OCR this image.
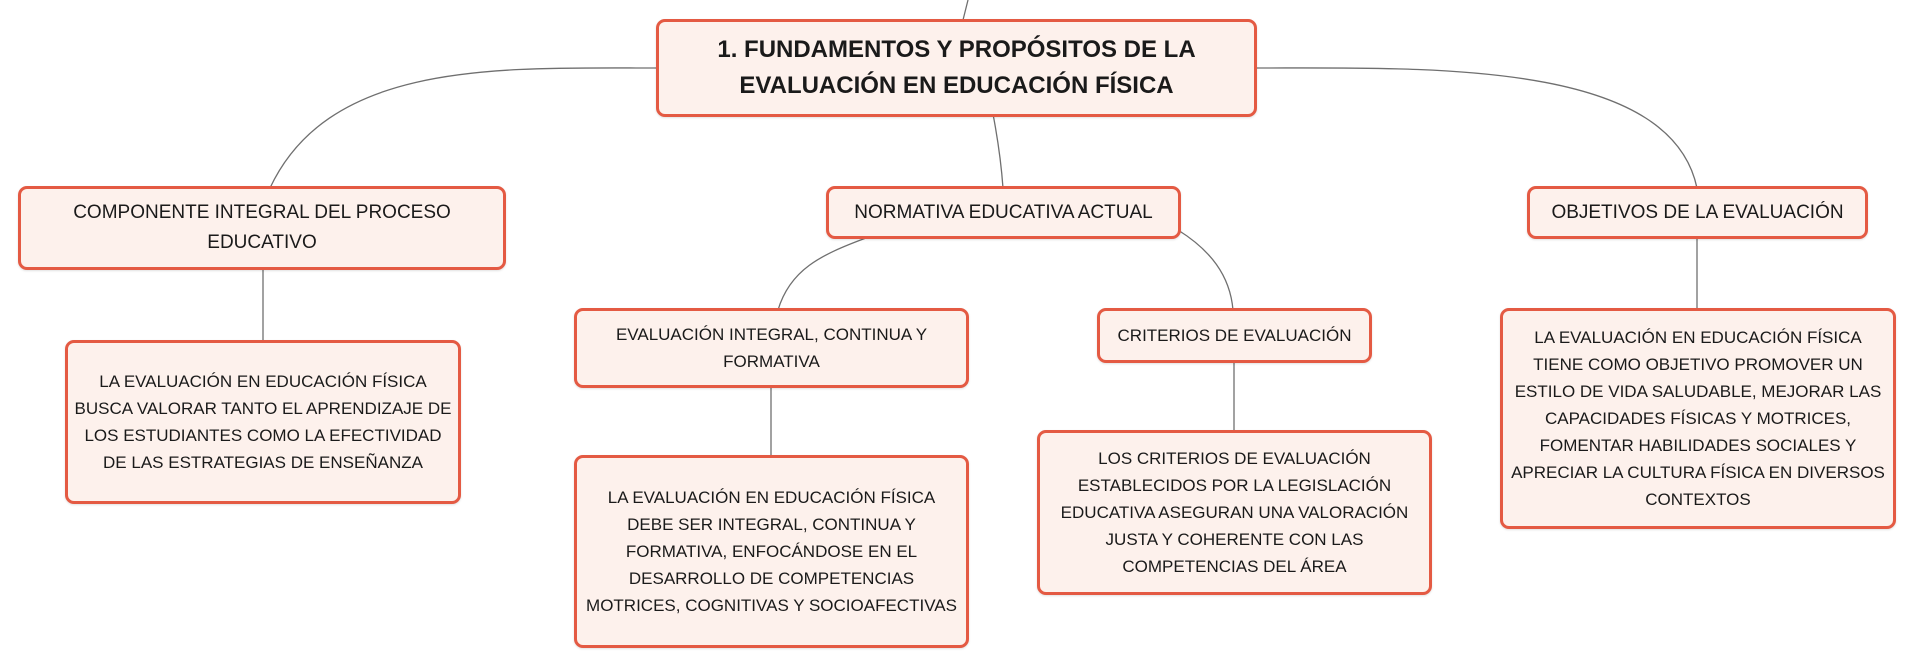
1. FUNDAMENTOS Y PROPÓSITOS DE LA EVALUACIÓN EN EDUCACIÓN FÍSICA
COMPONENTE INTEGRAL DEL PROCESO EDUCATIVO
NORMATIVA EDUCATIVA ACTUAL	OBJETIVOS DE LA EVALUACIÓN
EVALUACIÓN INTEGRAL, CONTINUA Y FORMATIVA
CRITERIOS DE EVALUACIÓN
LA EVALUACIÓN EN EDUCACIÓN FÍSICA BUSCA VALORAR TANTO EL APRENDIZAJE DE LOS ESTUDIANTES COMO LA EFECTIVIDAD DE LAS ESTRATEGIAS DE ENSEÑANZA
LA EVALUACIÓN EN EDUCACIÓN FÍSICA DEBE SER INTEGRAL, CONTINUA Y FORMATIVA, ENFOCÁNDOSE EN EL DESARROLLO DE COMPETENCIAS MOTRICES, COGNITIVAS Y SOCIOAFECTIVAS
LOS CRITERIOS DE EVALUACIÓN ESTABLECIDOS POR LA LEGISLACIÓN EDUCATIVA ASEGURAN UNA VALORACIÓN JUSTA Y COHERENTE CON LAS COMPETENCIAS DEL ÁREA
LA EVALUACIÓN EN EDUCACIÓN FÍSICA TIENE COMO OBJETIVO PROMOVER UN ESTILO DE VIDA SALUDABLE, MEJORAR LAS CAPACIDADES FÍSICAS Y MOTRICES, FOMENTAR HABILIDADES SOCIALES Y APRECIAR LA CULTURA FÍSICA EN DIVERSOS CONTEXTOS
